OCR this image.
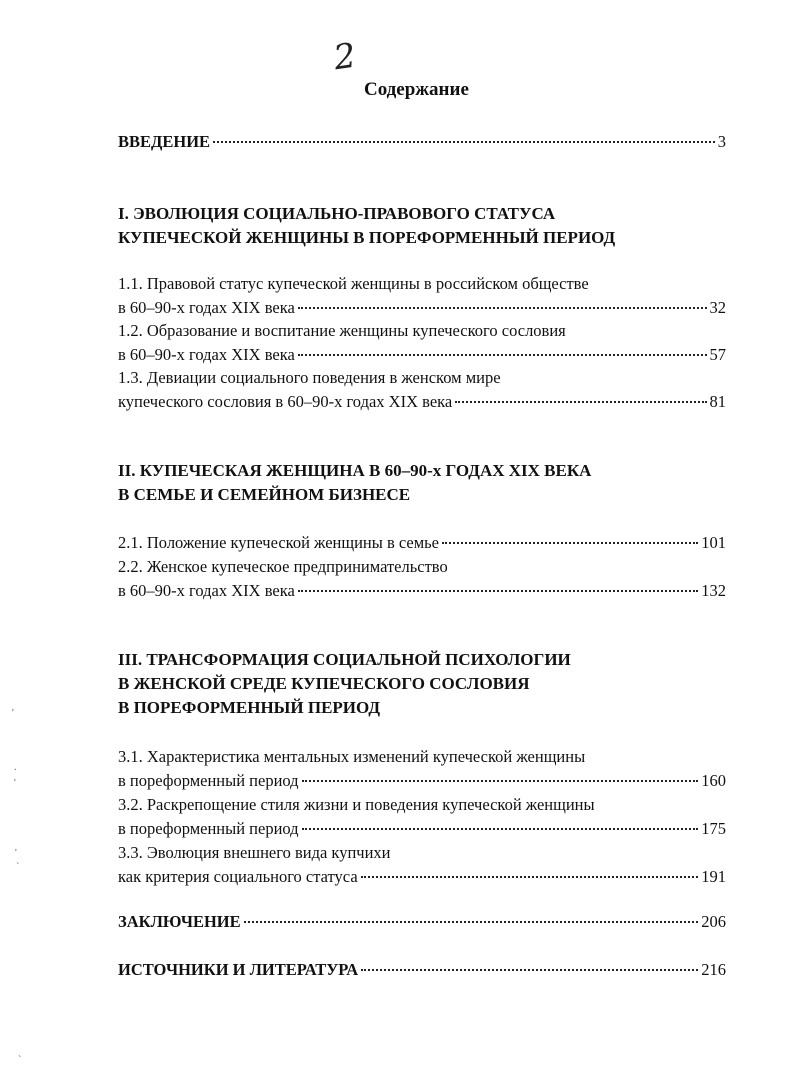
2
Содержание
ВВЕДЕНИЕ	3
I. ЭВОЛЮЦИЯ СОЦИАЛЬНО-ПРАВОВОГО СТАТУСА
КУПЕЧЕСКОЙ ЖЕНЩИНЫ В ПОРЕФОРМЕННЫЙ ПЕРИОД
1.1. Правовой статус купеческой женщины в российском обществе
в 60–90-х годах XIX века	32
1.2. Образование и воспитание женщины купеческого сословия
в 60–90-х годах XIX века	57
1.3. Девиации социального поведения в женском мире
купеческого сословия в 60–90-х годах XIX века	81
II. КУПЕЧЕСКАЯ ЖЕНЩИНА В 60–90-х ГОДАХ XIX ВЕКА
В СЕМЬЕ И СЕМЕЙНОМ БИЗНЕСЕ
2.1. Положение купеческой женщины в семье	101
2.2. Женское купеческое предпринимательство
в 60–90-х годах XIX века	132
III. ТРАНСФОРМАЦИЯ СОЦИАЛЬНОЙ ПСИХОЛОГИИ
В ЖЕНСКОЙ СРЕДЕ КУПЕЧЕСКОГО СОСЛОВИЯ
В ПОРЕФОРМЕННЫЙ ПЕРИОД
3.1. Характеристика ментальных изменений купеческой женщины
в пореформенный период	160
3.2. Раскрепощение стиля жизни и поведения купеческой женщины
в пореформенный период	175
3.3. Эволюция внешнего вида купчихи
как критерия социального статуса	191
ЗАКЛЮЧЕНИЕ	206
ИСТОЧНИКИ И ЛИТЕРАТУРА	216
'
.
'
'
`
`
